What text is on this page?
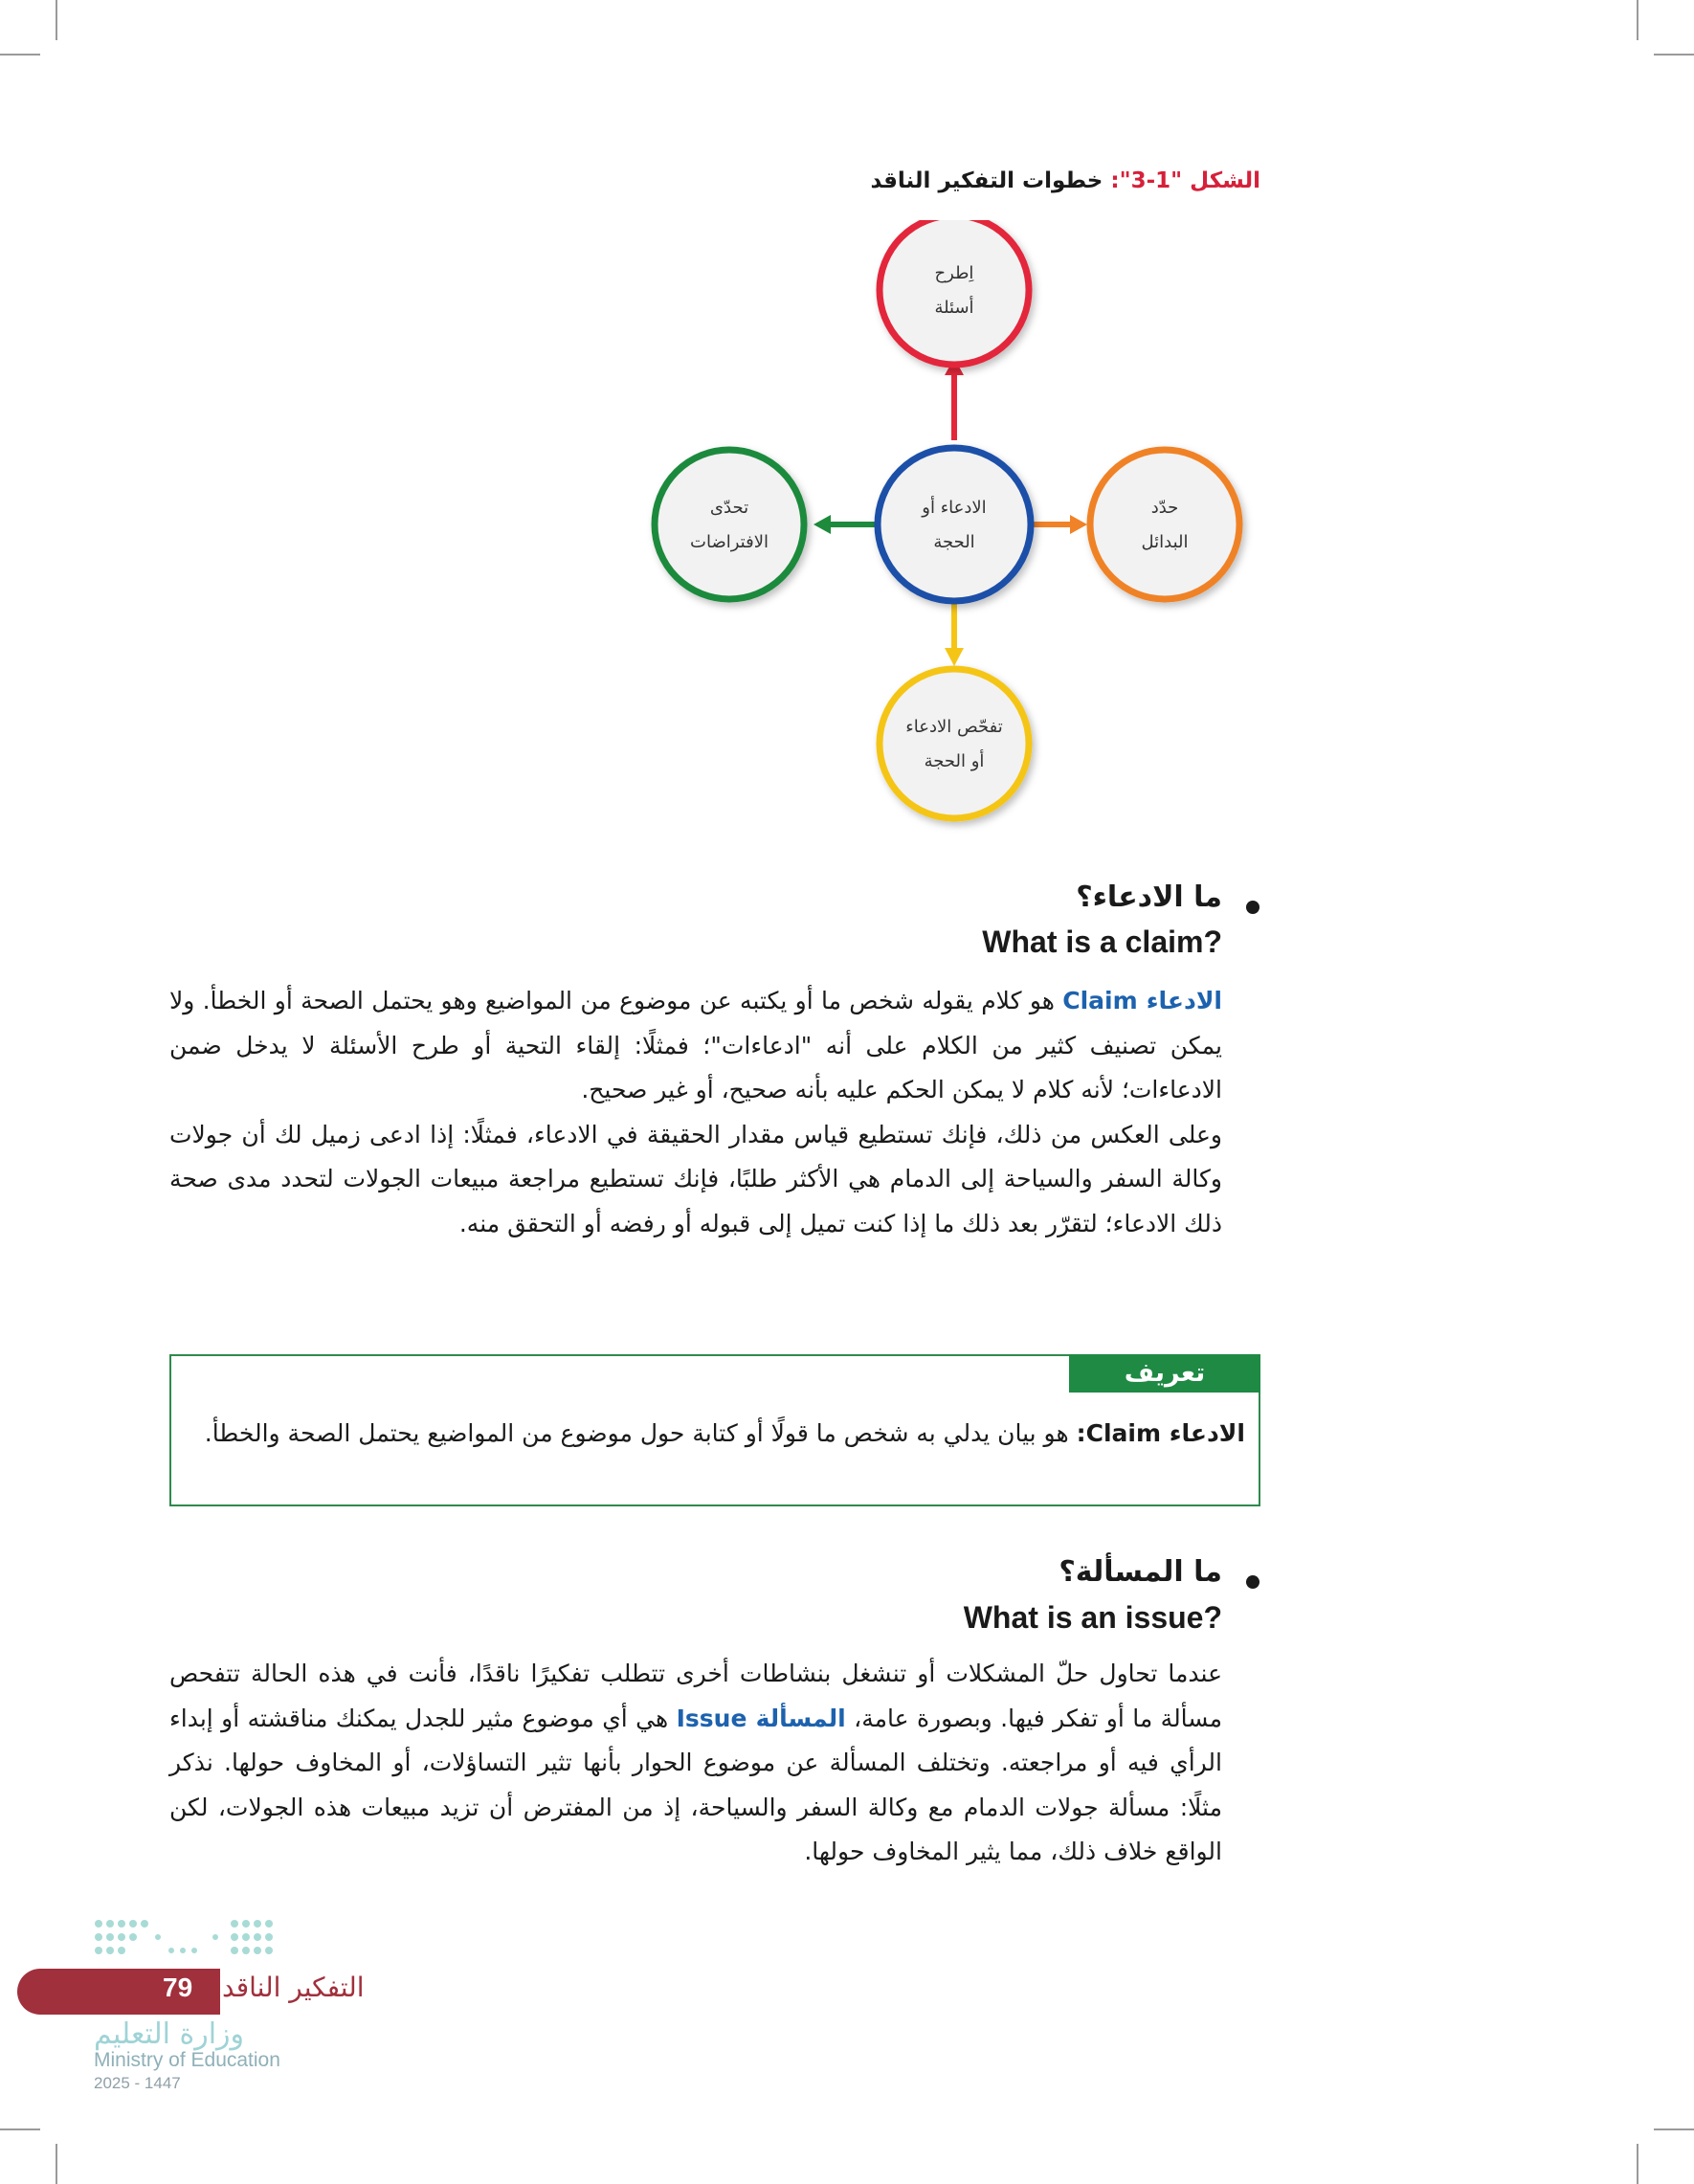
الشكل "1-3": خطوات التفكير الناقد
اِطرح
أسئلة
حدّد
البدائل
الادعاء أو
الحجة
تفحّص الادعاء
أو الحجة
تحدّى
الافتراضات
ما الادعاء؟
What is a claim?
الادعاء Claim هو كلام يقوله شخص ما أو يكتبه عن موضوع من المواضيع وهو يحتمل الصحة أو الخطأ. ولا يمكن تصنيف كثير من الكلام على أنه "ادعاءات"؛ فمثلًا: إلقاء التحية أو طرح الأسئلة لا يدخل ضمن الادعاءات؛ لأنه كلام لا يمكن الحكم عليه بأنه صحيح، أو غير صحيح.
وعلى العكس من ذلك، فإنك تستطيع قياس مقدار الحقيقة في الادعاء، فمثلًا: إذا ادعى زميل لك أن جولات وكالة السفر والسياحة إلى الدمام هي الأكثر طلبًا، فإنك تستطيع مراجعة مبيعات الجولات لتحدد مدى صحة ذلك الادعاء؛ لتقرّر بعد ذلك ما إذا كنت تميل إلى قبوله أو رفضه أو التحقق منه.
تعريف
الادعاء Claim: هو بيان يدلي به شخص ما قولًا أو كتابة حول موضوع من المواضيع يحتمل الصحة والخطأ.
ما المسألة؟
What is an issue?
عندما تحاول حلّ المشكلات أو تنشغل بنشاطات أخرى تتطلب تفكيرًا ناقدًا، فأنت في هذه الحالة تتفحص مسألة ما أو تفكر فيها. وبصورة عامة، المسألة Issue هي أي موضوع مثير للجدل يمكنك مناقشته أو إبداء الرأي فيه أو مراجعته. وتختلف المسألة عن موضوع الحوار بأنها تثير التساؤلات، أو المخاوف حولها. نذكر مثلًا: مسألة جولات الدمام مع وكالة السفر والسياحة، إذ من المفترض أن تزيد مبيعات هذه الجولات، لكن الواقع خلاف ذلك، مما يثير المخاوف حولها.
79 التفكير الناقد
وزارة التعليم
Ministry of Education
2025 - 1447
